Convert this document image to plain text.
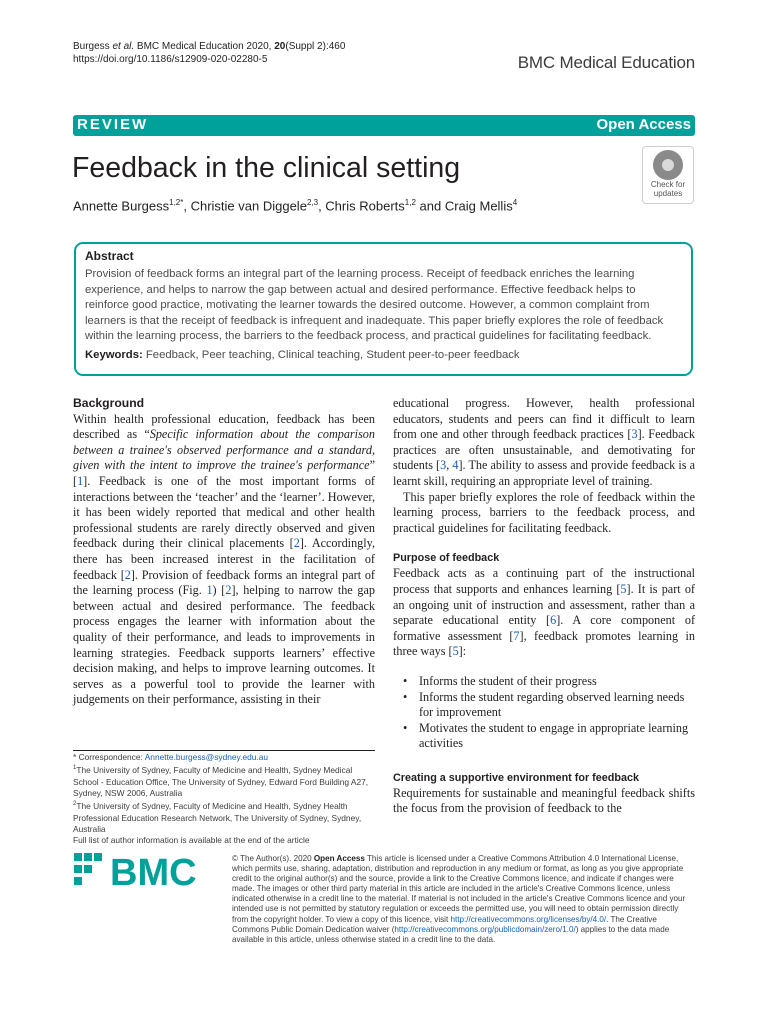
Burgess et al. BMC Medical Education 2020, 20(Suppl 2):460
https://doi.org/10.1186/s12909-020-02280-5	BMC Medical Education
REVIEW	Open Access
Feedback in the clinical setting
Annette Burgess$^{1,2*}$, Christie van Diggele$^{2,3}$, Chris Roberts$^{1,2}$ and Craig Mellis$^4$
Check for
updates
Abstract

Provision of feedback forms an integral part of the learning process. Receipt of feedback enriches the learning experience, and helps to narrow the gap between actual and desired performance. Effective feedback helps to reinforce good practice, motivating the learner towards the desired outcome. However, a common complaint from learners is that the receipt of feedback is infrequent and inadequate. This paper briefly explores the role of feedback within the learning process, the barriers to the feedback process, and practical guidelines for facilitating feedback.

Keywords: Feedback, Peer teaching, Clinical teaching, Student peer-to-peer feedback
Background

Within health professional education, feedback has been described as “Specific information about the comparison between a trainee's observed performance and a standard, given with the intent to improve the trainee's performance” [1]. Feedback is one of the most important forms of interactions between the ‘teacher’ and the ‘learner’. However, it has been widely reported that medical and other health professional students are rarely directly observed and given feedback during their clinical placements [2]. Accordingly, there has been increased interest in the facilitation of feedback [2]. Provision of feedback forms an integral part of the learning process (Fig. 1) [2], helping to narrow the gap between actual and desired performance. The feedback process engages the learner with information about the quality of their performance, and leads to improvements in learning strategies. Feedback supports learners’ effective decision making, and helps to improve learning outcomes. It serves as a powerful tool to provide the learner with judgements on their performance, assisting in their

* Correspondence: Annette.burgess@sydney.edu.au

$^1$The University of Sydney, Faculty of Medicine and Health, Sydney Medical School - Education Office, The University of Sydney, Edward Ford Building A27, Sydney, NSW 2006, Australia

$^2$The University of Sydney, Faculty of Medicine and Health, Sydney Health Professional Education Research Network, The University of Sydney, Sydney, Australia

Full list of author information is available at the end of the article

educational progress. However, health professional educators, students and peers can find it difficult to learn from one and other through feedback practices [3]. Feedback practices are often unsustainable, and demotivating for students [3, 4]. The ability to assess and provide feedback is a learnt skill, requiring an appropriate level of training.

This paper briefly explores the role of feedback within the learning process, barriers to the feedback process, and practical guidelines for facilitating feedback.

Purpose of feedback

Feedback acts as a continuing part of the instructional process that supports and enhances learning [5]. It is part of an ongoing unit of instruction and assessment, rather than a separate educational entity [6]. A core component of formative assessment [7], feedback promotes learning in three ways [5]:

• Informs the student of their progress
• Informs the student regarding observed learning needs for improvement
• Motivates the student to engage in appropriate learning activities
Creating a supportive environment for feedback

Requirements for sustainable and meaningful feedback shifts the focus from the provision of feedback to the

BMC	© The Author(s). 2020 Open Access This article is licensed under a Creative Commons Attribution 4.0 International License, which permits use, sharing, adaptation, distribution and reproduction in any medium or format, as long as you give appropriate credit to the original author(s) and the source, provide a link to the Creative Commons licence, and indicate if changes were made. The images or other third party material in this article are included in the article's Creative Commons licence, unless indicated otherwise in a credit line to the material. If material is not included in the article's Creative Commons licence and your intended use is not permitted by statutory regulation or exceeds the permitted use, you will need to obtain permission directly from the copyright holder. To view a copy of this licence, visit http://creativecommons.org/licenses/by/4.0/. The Creative Commons Public Domain Dedication waiver (http://creativecommons.org/publicdomain/zero/1.0/) applies to the data made available in this article, unless otherwise stated in a credit line to the data.
